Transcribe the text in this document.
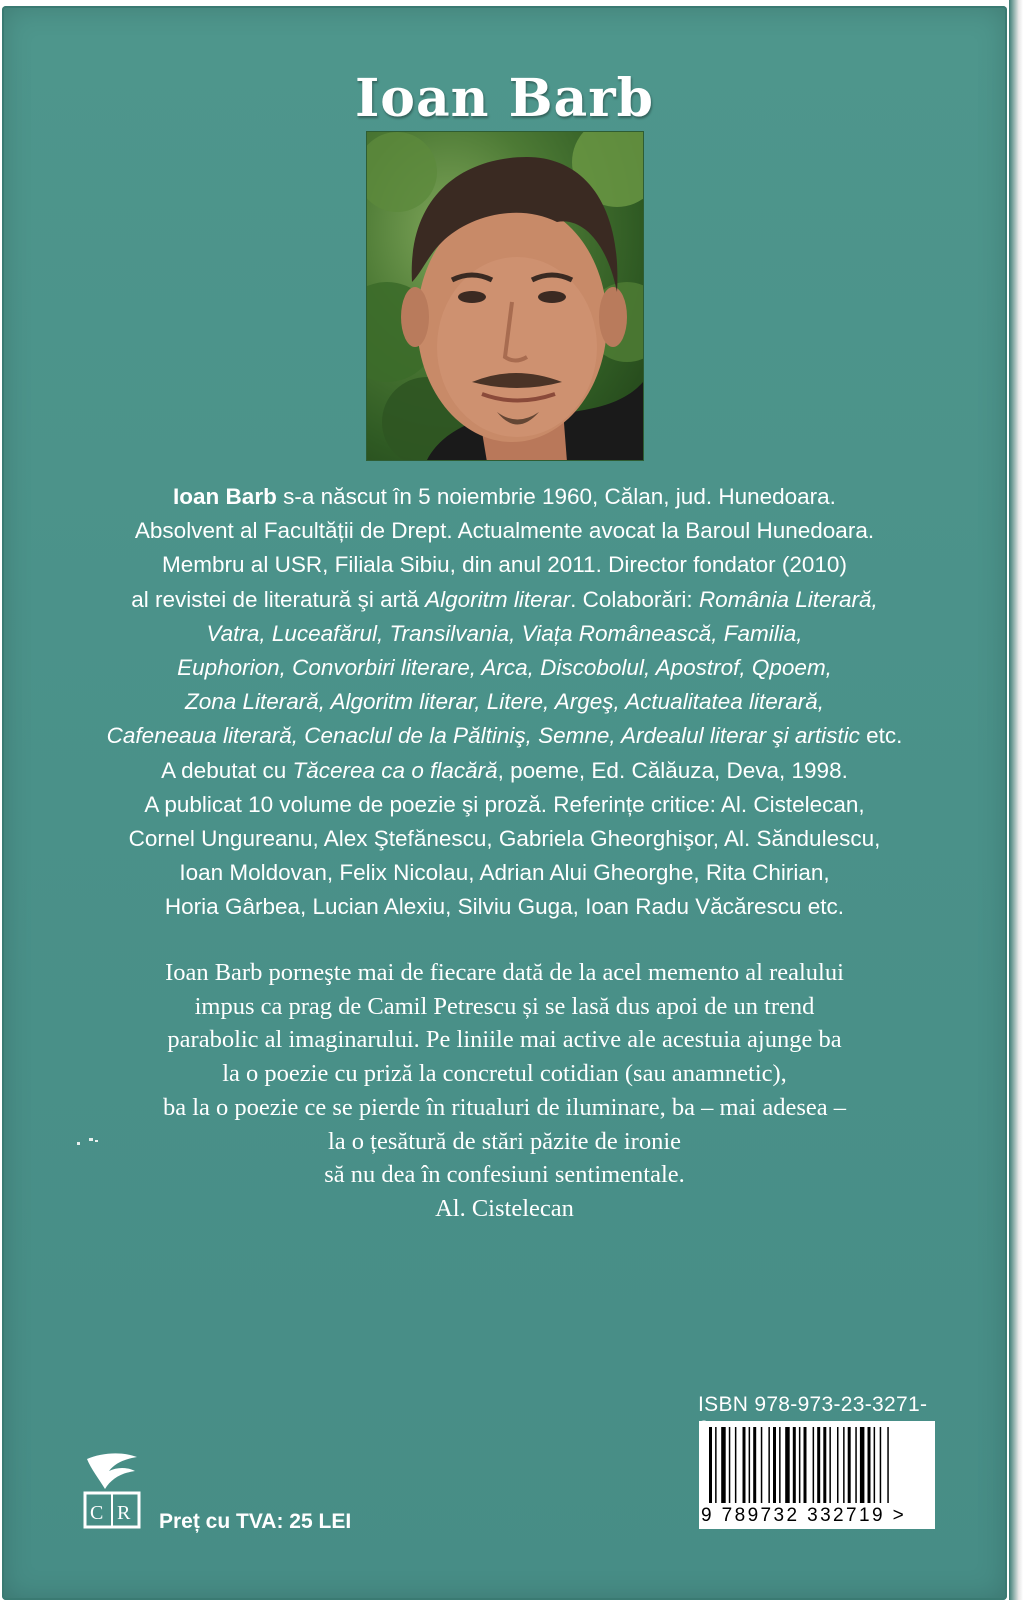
Ioan Barb
Ioan Barb s-a născut în 5 noiembrie 1960, Călan, jud. Hunedoara.
Absolvent al Facultății de Drept. Actualmente avocat la Baroul Hunedoara.
Membru al USR, Filiala Sibiu, din anul 2011. Director fondator (2010)
al revistei de literatură şi artă Algoritm literar. Colaborări: România Literară,
Vatra, Luceafărul, Transilvania, Viața Românească, Familia,
Euphorion, Convorbiri literare, Arca, Discobolul, Apostrof, Qpoem,
Zona Literară, Algoritm literar, Litere, Argeş, Actualitatea literară,
Cafeneaua literară, Cenaclul de la Păltiniş, Semne, Ardealul literar şi artistic etc.
A debutat cu Tăcerea ca o flacără, poeme, Ed. Călăuza, Deva, 1998.
A publicat 10 volume de poezie şi proză. Referințe critice: Al. Cistelecan,
Cornel Ungureanu, Alex Ştefănescu, Gabriela Gheorghişor, Al. Săndulescu,
Ioan Moldovan, Felix Nicolau, Adrian Alui Gheorghe, Rita Chirian,
Horia Gârbea, Lucian Alexiu, Silviu Guga, Ioan Radu Văcărescu etc.
Ioan Barb porneşte mai de fiecare dată de la acel memento al realului
impus ca prag de Camil Petrescu și se lasă dus apoi de un trend
parabolic al imaginarului. Pe liniile mai active ale acestuia ajunge ba
la o poezie cu priză la concretul cotidian (sau anamnetic),
ba la o poezie ce se pierde în ritualuri de iluminare, ba – mai adesea –
la o țesătură de stări păzite de ironie
să nu dea în confesiuni sentimentale.
Al. Cistelecan
ISBN 978-973-23-3271-
9 789732 332719 >
C R Preț cu TVA: 25 LEI
